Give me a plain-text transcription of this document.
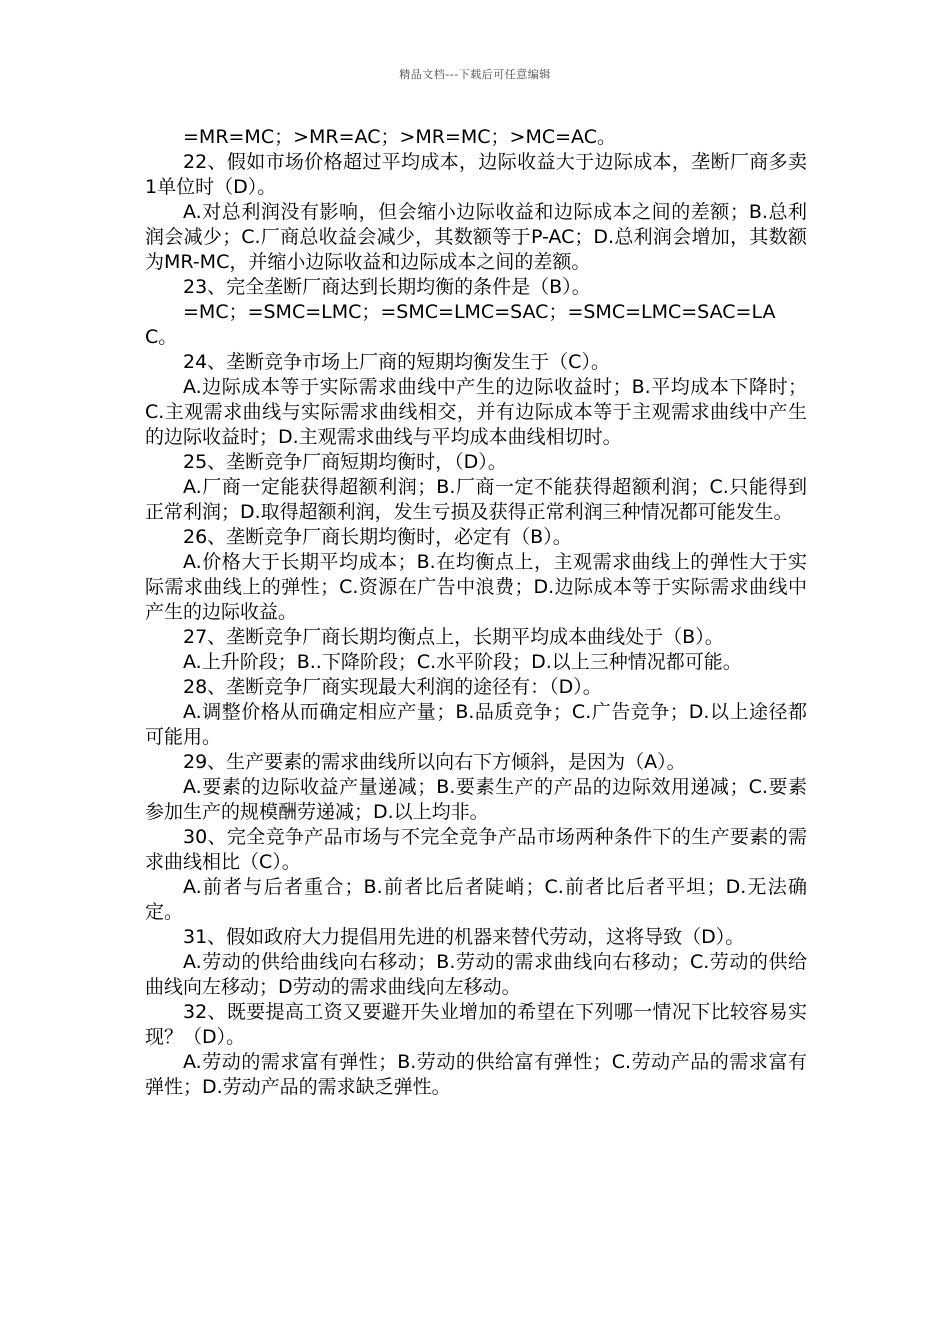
精品文档---下载后可任意编辑

=MR=MC；>MR=AC；>MR=MC；>MC=AC。

22、假如市场价格超过平均成本，边际收益大于边际成本，垄断厂商多卖1单位时（D）。

A.对总利润没有影响，但会缩小边际收益和边际成本之间的差额；B.总利润会减少；C.厂商总收益会减少，其数额等于P-AC；D.总利润会增加，其数额为MR-MC，并缩小边际收益和边际成本之间的差额。

23、完全垄断厂商达到长期均衡的条件是（B）。

=MC；=SMC=LMC；=SMC=LMC=SAC；=SMC=LMC=SAC=LAC。

24、垄断竞争市场上厂商的短期均衡发生于（C）。

A.边际成本等于实际需求曲线中产生的边际收益时；B.平均成本下降时；C.主观需求曲线与实际需求曲线相交，并有边际成本等于主观需求曲线中产生的边际收益时；D.主观需求曲线与平均成本曲线相切时。

25、垄断竞争厂商短期均衡时，（D）。

A.厂商一定能获得超额利润；B.厂商一定不能获得超额利润；C.只能得到正常利润；D.取得超额利润，发生亏损及获得正常利润三种情况都可能发生。

26、垄断竞争厂商长期均衡时，必定有（B）。

A.价格大于长期平均成本；B.在均衡点上，主观需求曲线上的弹性大于实际需求曲线上的弹性；C.资源在广告中浪费；D.边际成本等于实际需求曲线中产生的边际收益。

27、垄断竞争厂商长期均衡点上，长期平均成本曲线处于（B）。

A.上升阶段；B..下降阶段；C.水平阶段；D.以上三种情况都可能。

28、垄断竞争厂商实现最大利润的途径有：（D）。

A.调整价格从而确定相应产量；B.品质竞争；C.广告竞争；D.以上途径都可能用。

29、生产要素的需求曲线所以向右下方倾斜，是因为（A）。

A.要素的边际收益产量递减；B.要素生产的产品的边际效用递减；C.要素参加生产的规模酬劳递减；D.以上均非。

30、完全竞争产品市场与不完全竞争产品市场两种条件下的生产要素的需求曲线相比（C）。

A.前者与后者重合；B.前者比后者陡峭；C.前者比后者平坦；D.无法确定。

31、假如政府大力提倡用先进的机器来替代劳动，这将导致（D）。

A.劳动的供给曲线向右移动；B.劳动的需求曲线向右移动；C.劳动的供给曲线向左移动；D劳动的需求曲线向左移动。

32、既要提高工资又要避开失业增加的希望在下列哪一情况下比较容易实现？（D）。

A.劳动的需求富有弹性；B.劳动的供给富有弹性；C.劳动产品的需求富有弹性；D.劳动产品的需求缺乏弹性。
